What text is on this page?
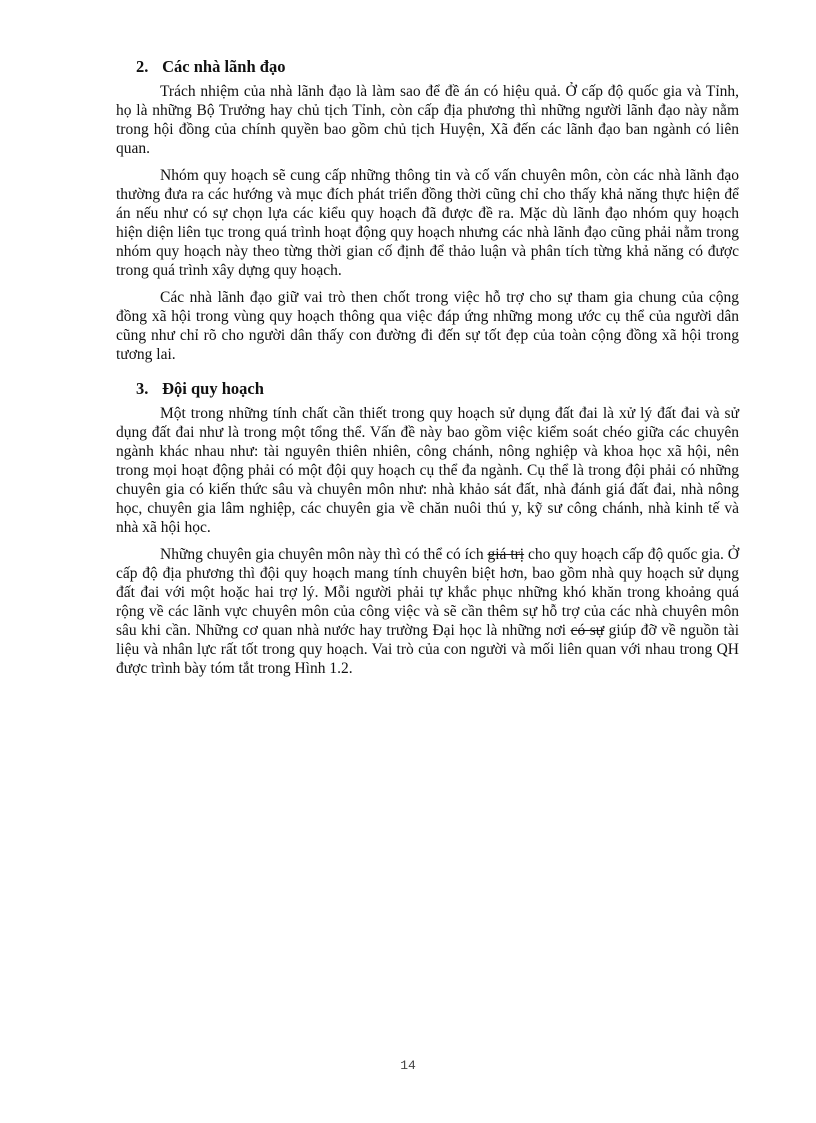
2. Các nhà lãnh đạo

Trách nhiệm của nhà lãnh đạo là làm sao để đề án có hiệu quả. Ở cấp độ quốc gia và Tỉnh, họ là những Bộ Trưởng hay chủ tịch Tỉnh, còn cấp địa phương thì những người lãnh đạo này nằm trong hội đồng của chính quyền bao gồm chủ tịch Huyện, Xã đến các lãnh đạo ban ngành có liên quan.

Nhóm quy hoạch sẽ cung cấp những thông tin và cố vấn chuyên môn, còn các nhà lãnh đạo thường đưa ra các hướng và mục đích phát triển đồng thời cũng chỉ cho thấy khả năng thực hiện để án nếu như có sự chọn lựa các kiểu quy hoạch đã được đề ra. Mặc dù lãnh đạo nhóm quy hoạch hiện diện liên tục trong quá trình hoạt động quy hoạch nhưng các nhà lãnh đạo cũng phải nằm trong nhóm quy hoạch này theo từng thời gian cố định để thảo luận và phân tích từng khả năng có được trong quá trình xây dựng quy hoạch.

Các nhà lãnh đạo giữ vai trò then chốt trong việc hỗ trợ cho sự tham gia chung của cộng đồng xã hội trong vùng quy hoạch thông qua việc đáp ứng những mong ước cụ thể của người dân cũng như chỉ rõ cho người dân thấy con đường đi đến sự tốt đẹp của toàn cộng đồng xã hội trong tương lai.

3. Đội quy hoạch

Một trong những tính chất cần thiết trong quy hoạch sử dụng đất đai là xử lý đất đai và sử dụng đất đai như là trong một tổng thể. Vấn đề này bao gồm việc kiểm soát chéo giữa các chuyên ngành khác nhau như: tài nguyên thiên nhiên, công chánh, nông nghiệp và khoa học xã hội, nên trong mọi hoạt động phải có một đội quy hoạch cụ thể đa ngành. Cụ thể là trong đội phải có những chuyên gia có kiến thức sâu và chuyên môn như: nhà khảo sát đất, nhà đánh giá đất đai, nhà nông học, chuyên gia lâm nghiệp, các chuyên gia về chăn nuôi thú y, kỹ sư công chánh, nhà kinh tế và nhà xã hội học.

Những chuyên gia chuyên môn này thì có thể có ích giá trị cho quy hoạch cấp độ quốc gia. Ở cấp độ địa phương thì đội quy hoạch mang tính chuyên biệt hơn, bao gồm nhà quy hoạch sử dụng đất đai với một hoặc hai trợ lý. Mỗi người phải tự khắc phục những khó khăn trong khoảng quá rộng về các lãnh vực chuyên môn của công việc và sẽ cần thêm sự hỗ trợ của các nhà chuyên môn sâu khi cần. Những cơ quan nhà nước hay trường Đại học là những nơi có sự giúp đỡ về nguồn tài liệu và nhân lực rất tốt trong quy hoạch. Vai trò của con người và mối liên quan với nhau trong QH được trình bày tóm tắt trong Hình 1.2.

14
